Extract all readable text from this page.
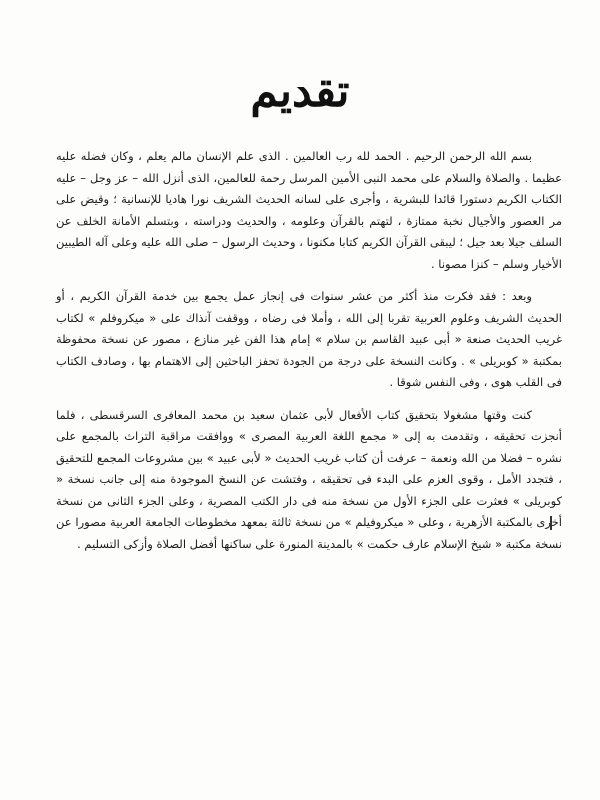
تقديم

بسم الله الرحمن الرحيم . الحمد لله رب العالمين . الذى علم الإنسان مالم يعلم ، وكان فضله عليه عظيما . والصلاة والسلام على محمد النبى الأمين المرسل رحمة للعالمين، الذى أنزل الله – عز وجل – عليه الكتاب الكريم دستورا قائدا للبشرية ، وأجرى على لسانه الحديث الشريف نورا هاديا للإنسانية ؛ وقيض على مر العصور والأجيال نخبة ممتازة ، لتهتم بالقرآن وعلومه ، والحديث ودراسته ، وبتسلم الأمانة الخلف عن السلف جيلا بعد جيل ؛ ليبقى القرآن الكريم كتابا مكنونا ، وحديث الرسول – صلى الله عليه وعلى آله الطيبين الأخيار وسلم – كنزا مصونا .

وبعد : فقد فكرت منذ أكثر من عشر سنوات فى إنجاز عمل يجمع بين خدمة القرآن الكريم ، أو الحديث الشريف وعلوم العربية تقربا إلى الله ، وأملا فى رضاه ، ووقفت آنذاك على « ميكروفلم » لكتاب غريب الحديث صنعة « أبى عبيد القاسم بن سلام » إمام هذا الفن غير منازع ، مصور عن نسخة محفوظة بمكتبة « كوبريلى » . وكانت النسخة على درجة من الجودة تحفز الباحثين إلى الاهتمام بها ، وصادف الكتاب فى القلب هوى ، وفى النفس شوقا .

كنت وقتها مشغولا بتحقيق كتاب الأفعال لأبى عثمان سعيد بن محمد المعافرى السرقسطى ، فلما أنجزت تحقيقه ، وتقدمت به إلى « مجمع اللغة العربية المصرى » ووافقت مراقبة التراث بالمجمع على نشره – فضلا من الله ونعمة – عرفت أن كتاب غريب الحديث « لأبى عبيد » بين مشروعات المجمع للتحقيق ، فتجدد الأمل ، وقوى العزم على البدء فى تحقيقه ، وفتشت عن النسخ الموجودة منه إلى جانب نسخة « كوبريلى » فعثرت على الجزء الأول من نسخة منه فى دار الكتب المصرية ، وعلى الجزء الثانى من نسخة أخرى بالمكتبة الأزهرية ، وعلى « ميكروفيلم » من نسخة ثالثة بمعهد مخطوطات الجامعة العربية مصورا عن نسخة مكتبة « شيخ الإسلام عارف حكمت » بالمدينة المنورة على ساكنها أفضل الصلاة وأزكى التسليم .
